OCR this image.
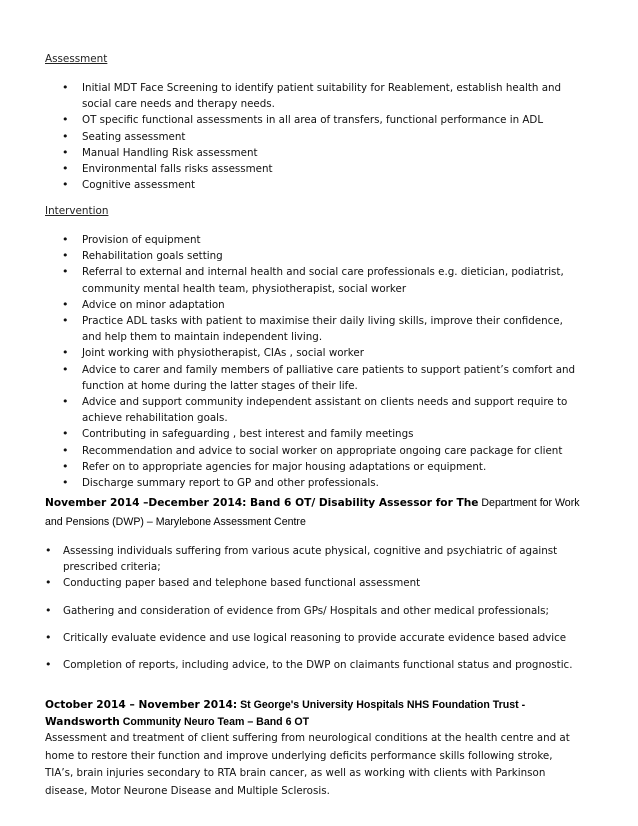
Assessment
• Initial MDT Face Screening to identify patient suitability for Reablement, establish health and
social care needs and therapy needs.
• OT specific functional assessments in all area of transfers, functional performance in ADL
• Seating assessment
• Manual Handling Risk assessment
• Environmental falls risks assessment
• Cognitive assessment
Intervention
• Provision of equipment
• Rehabilitation goals setting
• Referral to external and internal health and social care professionals e.g. dietician, podiatrist,
community mental health team, physiotherapist, social worker
• Advice on minor adaptation
• Practice ADL tasks with patient to maximise their daily living skills, improve their confidence,
and help them to maintain independent living.
• Joint working with physiotherapist, CIAs , social worker
• Advice to carer and family members of palliative care patients to support patient’s comfort and
function at home during the latter stages of their life.
• Advice and support community independent assistant on clients needs and support require to
achieve rehabilitation goals.
• Contributing in safeguarding , best interest and family meetings
• Recommendation and advice to social worker on appropriate ongoing care package for client
• Refer on to appropriate agencies for major housing adaptations or equipment.
• Discharge summary report to GP and other professionals.
November 2014 –December 2014: Band 6 OT/ Disability Assessor for The Department for Work
and Pensions (DWP) – Marylebone Assessment Centre
• Assessing individuals suffering from various acute physical, cognitive and psychiatric of against
prescribed criteria;
• Conducting paper based and telephone based functional assessment
• Gathering and consideration of evidence from GPs/ Hospitals and other medical professionals;
• Critically evaluate evidence and use logical reasoning to provide accurate evidence based advice
• Completion of reports, including advice, to the DWP on claimants functional status and prognostic.
October 2014 – November 2014: St George's University Hospitals NHS Foundation Trust -
Wandsworth Community Neuro Team – Band 6 OT
Assessment and treatment of client suffering from neurological conditions at the health centre and at
home to restore their function and improve underlying deficits performance skills following stroke,
TIA’s, brain injuries secondary to RTA brain cancer, as well as working with clients with Parkinson
disease, Motor Neurone Disease and Multiple Sclerosis.
